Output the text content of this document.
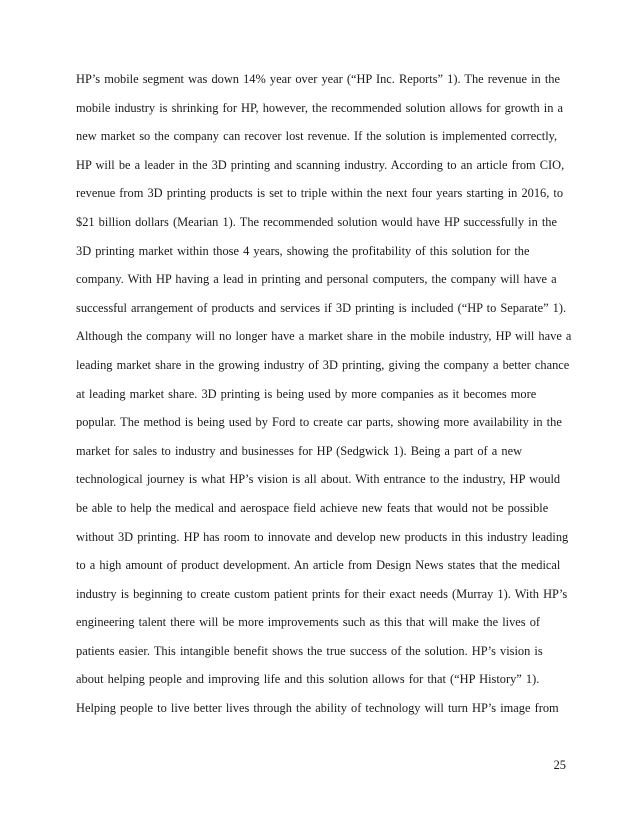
HP’s mobile segment was down 14% year over year (“HP Inc. Reports” 1). The revenue in the
mobile industry is shrinking for HP, however, the recommended solution allows for growth in a
new market so the company can recover lost revenue. If the solution is implemented correctly,
HP will be a leader in the 3D printing and scanning industry. According to an article from CIO,
revenue from 3D printing products is set to triple within the next four years starting in 2016, to
$21 billion dollars (Mearian 1). The recommended solution would have HP successfully in the
3D printing market within those 4 years, showing the profitability of this solution for the
company. With HP having a lead in printing and personal computers, the company will have a
successful arrangement of products and services if 3D printing is included (“HP to Separate” 1).
Although the company will no longer have a market share in the mobile industry, HP will have a
leading market share in the growing industry of 3D printing, giving the company a better chance
at leading market share. 3D printing is being used by more companies as it becomes more
popular. The method is being used by Ford to create car parts, showing more availability in the
market for sales to industry and businesses for HP (Sedgwick 1). Being a part of a new
technological journey is what HP’s vision is all about. With entrance to the industry, HP would
be able to help the medical and aerospace field achieve new feats that would not be possible
without 3D printing. HP has room to innovate and develop new products in this industry leading
to a high amount of product development. An article from Design News states that the medical
industry is beginning to create custom patient prints for their exact needs (Murray 1). With HP’s
engineering talent there will be more improvements such as this that will make the lives of
patients easier. This intangible benefit shows the true success of the solution. HP’s vision is
about helping people and improving life and this solution allows for that (“HP History” 1).
Helping people to live better lives through the ability of technology will turn HP’s image from
25
